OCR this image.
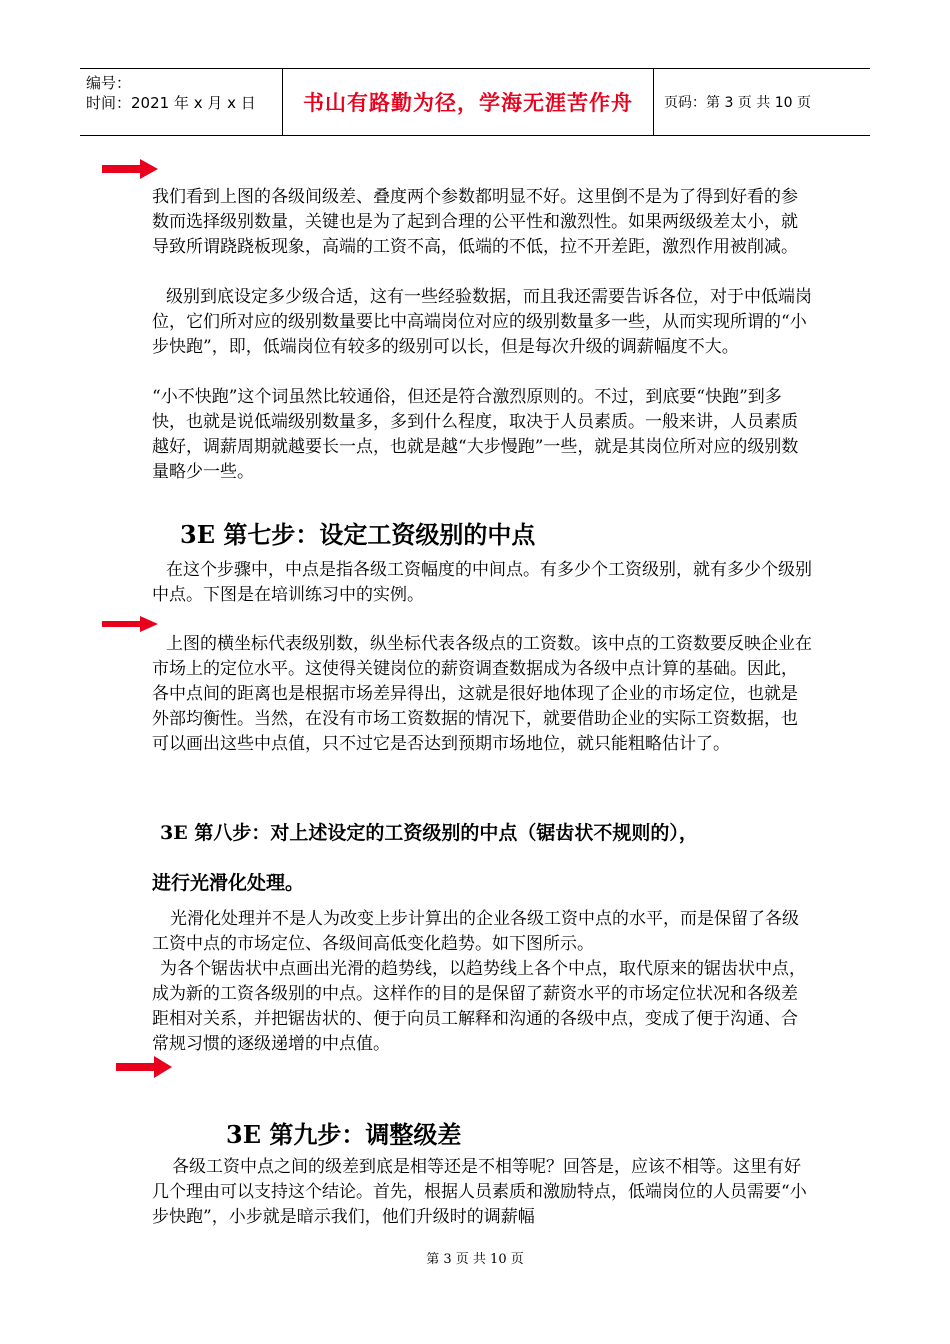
编号：
时间：2021 年 x 月 x 日	书山有路勤为径，学海无涯苦作舟 页码：第 3 页 共 10 页

我们看到上图的各级间级差、叠度两个参数都明显不好。这里倒不是为了得到好看的参数而选择级别数量，关键也是为了起到合理的公平性和激烈性。如果两级级差太小，就导致所谓跷跷板现象，高端的工资不高，低端的不低，拉不开差距，激烈作用被削减。

级别到底设定多少级合适，这有一些经验数据，而且我还需要告诉各位，对于中低端岗位，它们所对应的级别数量要比中高端岗位对应的级别数量多一些，从而实现所谓的“小步快跑”，即，低端岗位有较多的级别可以长，但是每次升级的调薪幅度不大。

“小不快跑”这个词虽然比较通俗，但还是符合激烈原则的。不过，到底要“快跑”到多快，也就是说低端级别数量多，多到什么程度，取决于人员素质。一般来讲，人员素质越好，调薪周期就越要长一点，也就是越“大步慢跑”一些，就是其岗位所对应的级别数量略少一些。

3E 第七步：设定工资级别的中点

在这个步骤中，中点是指各级工资幅度的中间点。有多少个工资级别，就有多少个级别中点。下图是在培训练习中的实例。

上图的横坐标代表级别数，纵坐标代表各级点的工资数。该中点的工资数要反映企业在市场上的定位水平。这使得关键岗位的薪资调查数据成为各级中点计算的基础。因此，各中点间的距离也是根据市场差异得出，这就是很好地体现了企业的市场定位，也就是外部均衡性。当然，在没有市场工资数据的情况下，就要借助企业的实际工资数据，也可以画出这些中点值，只不过它是否达到预期市场地位，就只能粗略估计了。

3E 第八步：对上述设定的工资级别的中点（锯齿状不规则的），
进行光滑化处理。

光滑化处理并不是人为改变上步计算出的企业各级工资中点的水平，而是保留了各级工资中点的市场定位、各级间高低变化趋势。如下图所示。

为各个锯齿状中点画出光滑的趋势线，以趋势线上各个中点，取代原来的锯齿状中点，成为新的工资各级别的中点。这样作的目的是保留了薪资水平的市场定位状况和各级差距相对关系，并把锯齿状的、便于向员工解释和沟通的各级中点，变成了便于沟通、合常规习惯的逐级递增的中点值。

3E 第九步：调整级差

各级工资中点之间的级差到底是相等还是不相等呢？回答是，应该不相等。这里有好几个理由可以支持这个结论。首先，根据人员素质和激励特点，低端岗位的人员需要“小步快跑”，小步就是暗示我们，他们升级时的调薪幅

第 3 页 共 10 页
